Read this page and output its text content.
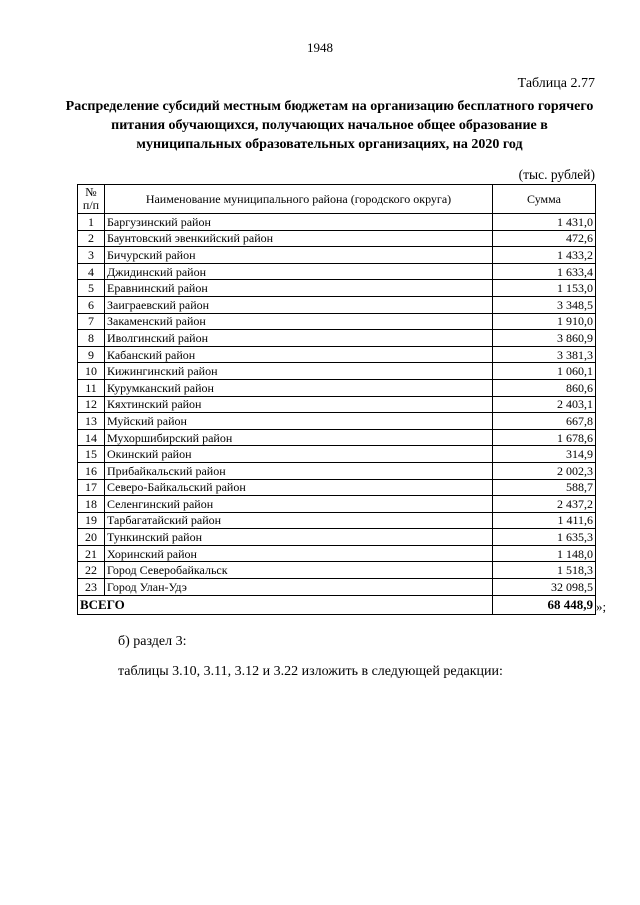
1948
Таблица 2.77
Распределение субсидий местным бюджетам на организацию бесплатного горячего питания обучающихся, получающих начальное общее образование в муниципальных образовательных организациях, на 2020 год
(тыс. рублей)
№ п/п	Наименование муниципального района (городского округа)	Сумма
1	Баргузинский район	1 431,0
2	Баунтовский эвенкийский район	472,6
3	Бичурский район	1 433,2
4	Джидинский район	1 633,4
5	Еравнинский район	1 153,0
6	Заиграевский район	3 348,5
7	Закаменский район	1 910,0
8	Иволгинский район	3 860,9
9	Кабанский район	3 381,3
10	Кижингинский район	1 060,1
11	Курумканский район	860,6
12	Кяхтинский район	2 403,1
13	Муйский район	667,8
14	Мухоршибирский район	1 678,6
15	Окинский район	314,9
16	Прибайкальский район	2 002,3
17	Северо-Байкальский район	588,7
18	Селенгинский район	2 437,2
19	Тарбагатайский район	1 411,6
20	Тункинский район	1 635,3
21	Хоринский район	1 148,0
22	Город Северобайкальск	1 518,3
23	Город Улан-Удэ	32 098,5
ВСЕГО		68 448,9 »;
б) раздел 3:
таблицы 3.10, 3.11, 3.12 и 3.22 изложить в следующей редакции:
